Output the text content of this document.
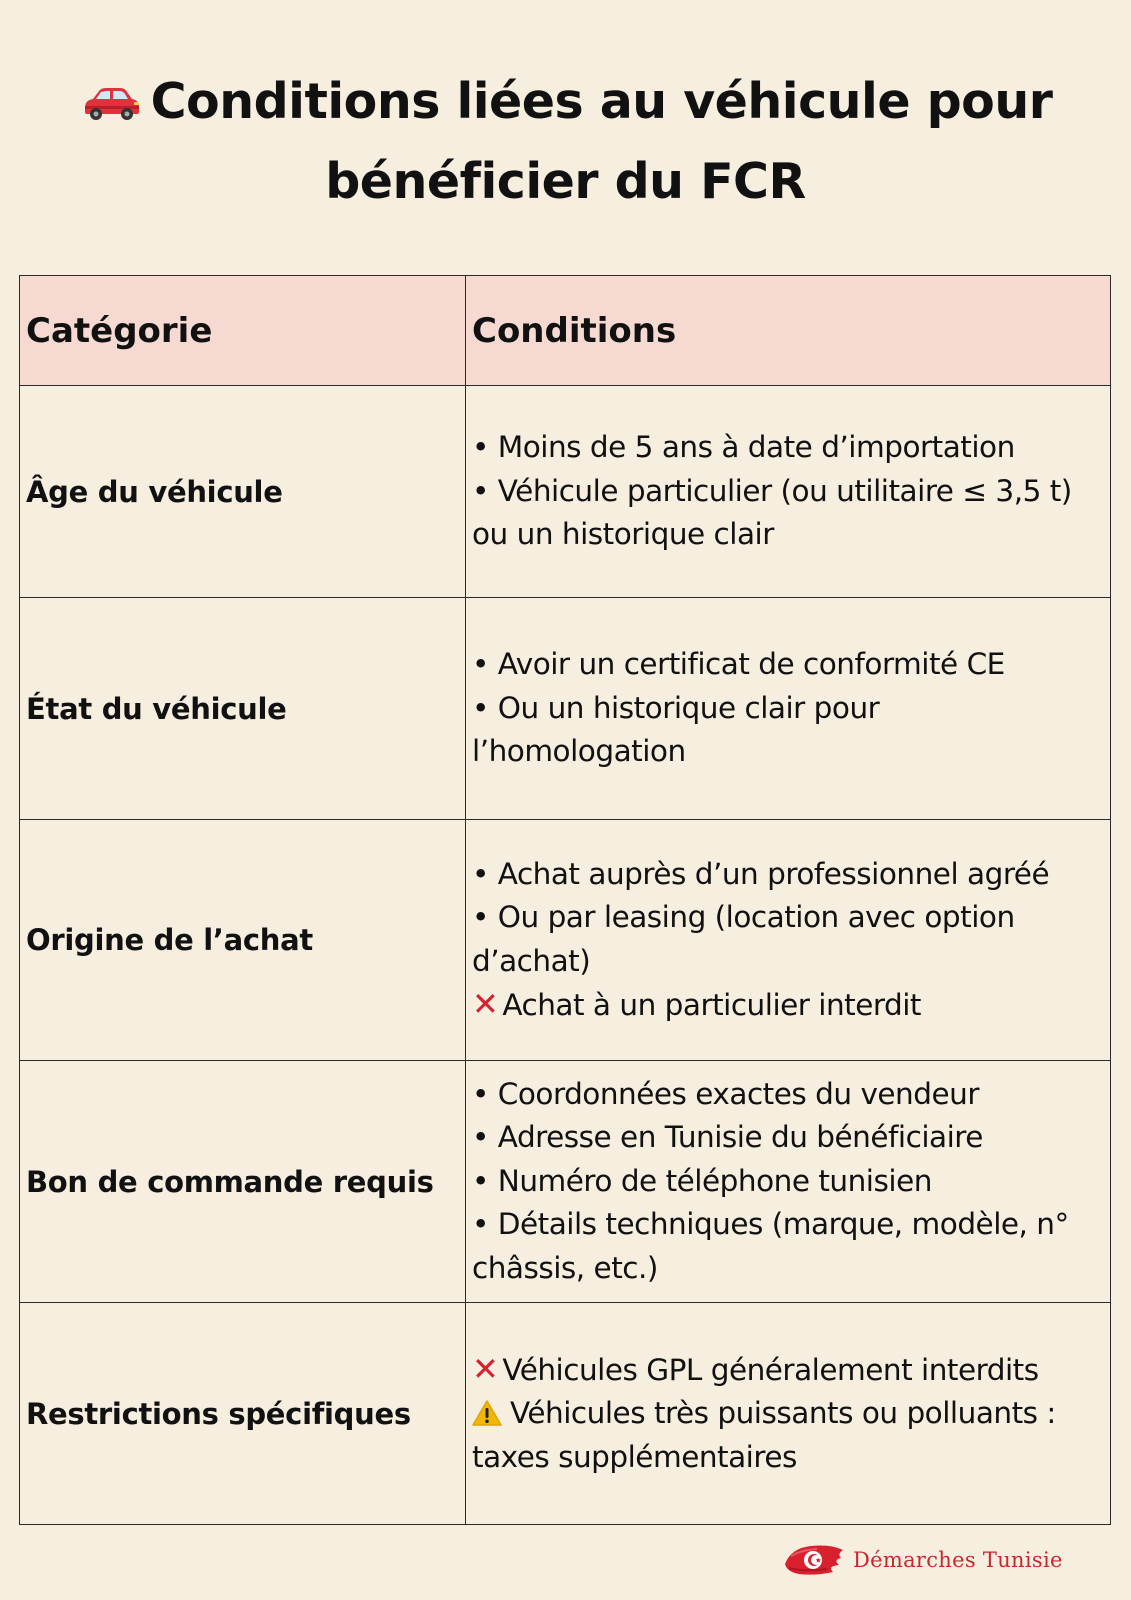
Conditions liées au véhicule pour
bénéficier du FCR
Catégorie	Conditions
Âge du véhicule
• Moins de 5 ans à date d’importation
• Véhicule particulier (ou utilitaire ≤ 3,5 t)
ou un historique clair
État du véhicule
• Avoir un certificat de conformité CE
• Ou un historique clair pour
l’homologation
Origine de l’achat
• Achat auprès d’un professionnel agréé
• Ou par leasing (location avec option
d’achat)
✕ Achat à un particulier interdit
Bon de commande requis
• Coordonnées exactes du vendeur
• Adresse en Tunisie du bénéficiaire
• Numéro de téléphone tunisien
• Détails techniques (marque, modèle, n°
châssis, etc.)
Restrictions spécifiques
✕ Véhicules GPL généralement interdits
Véhicules très puissants ou polluants :
taxes supplémentaires
Démarches Tunisie
